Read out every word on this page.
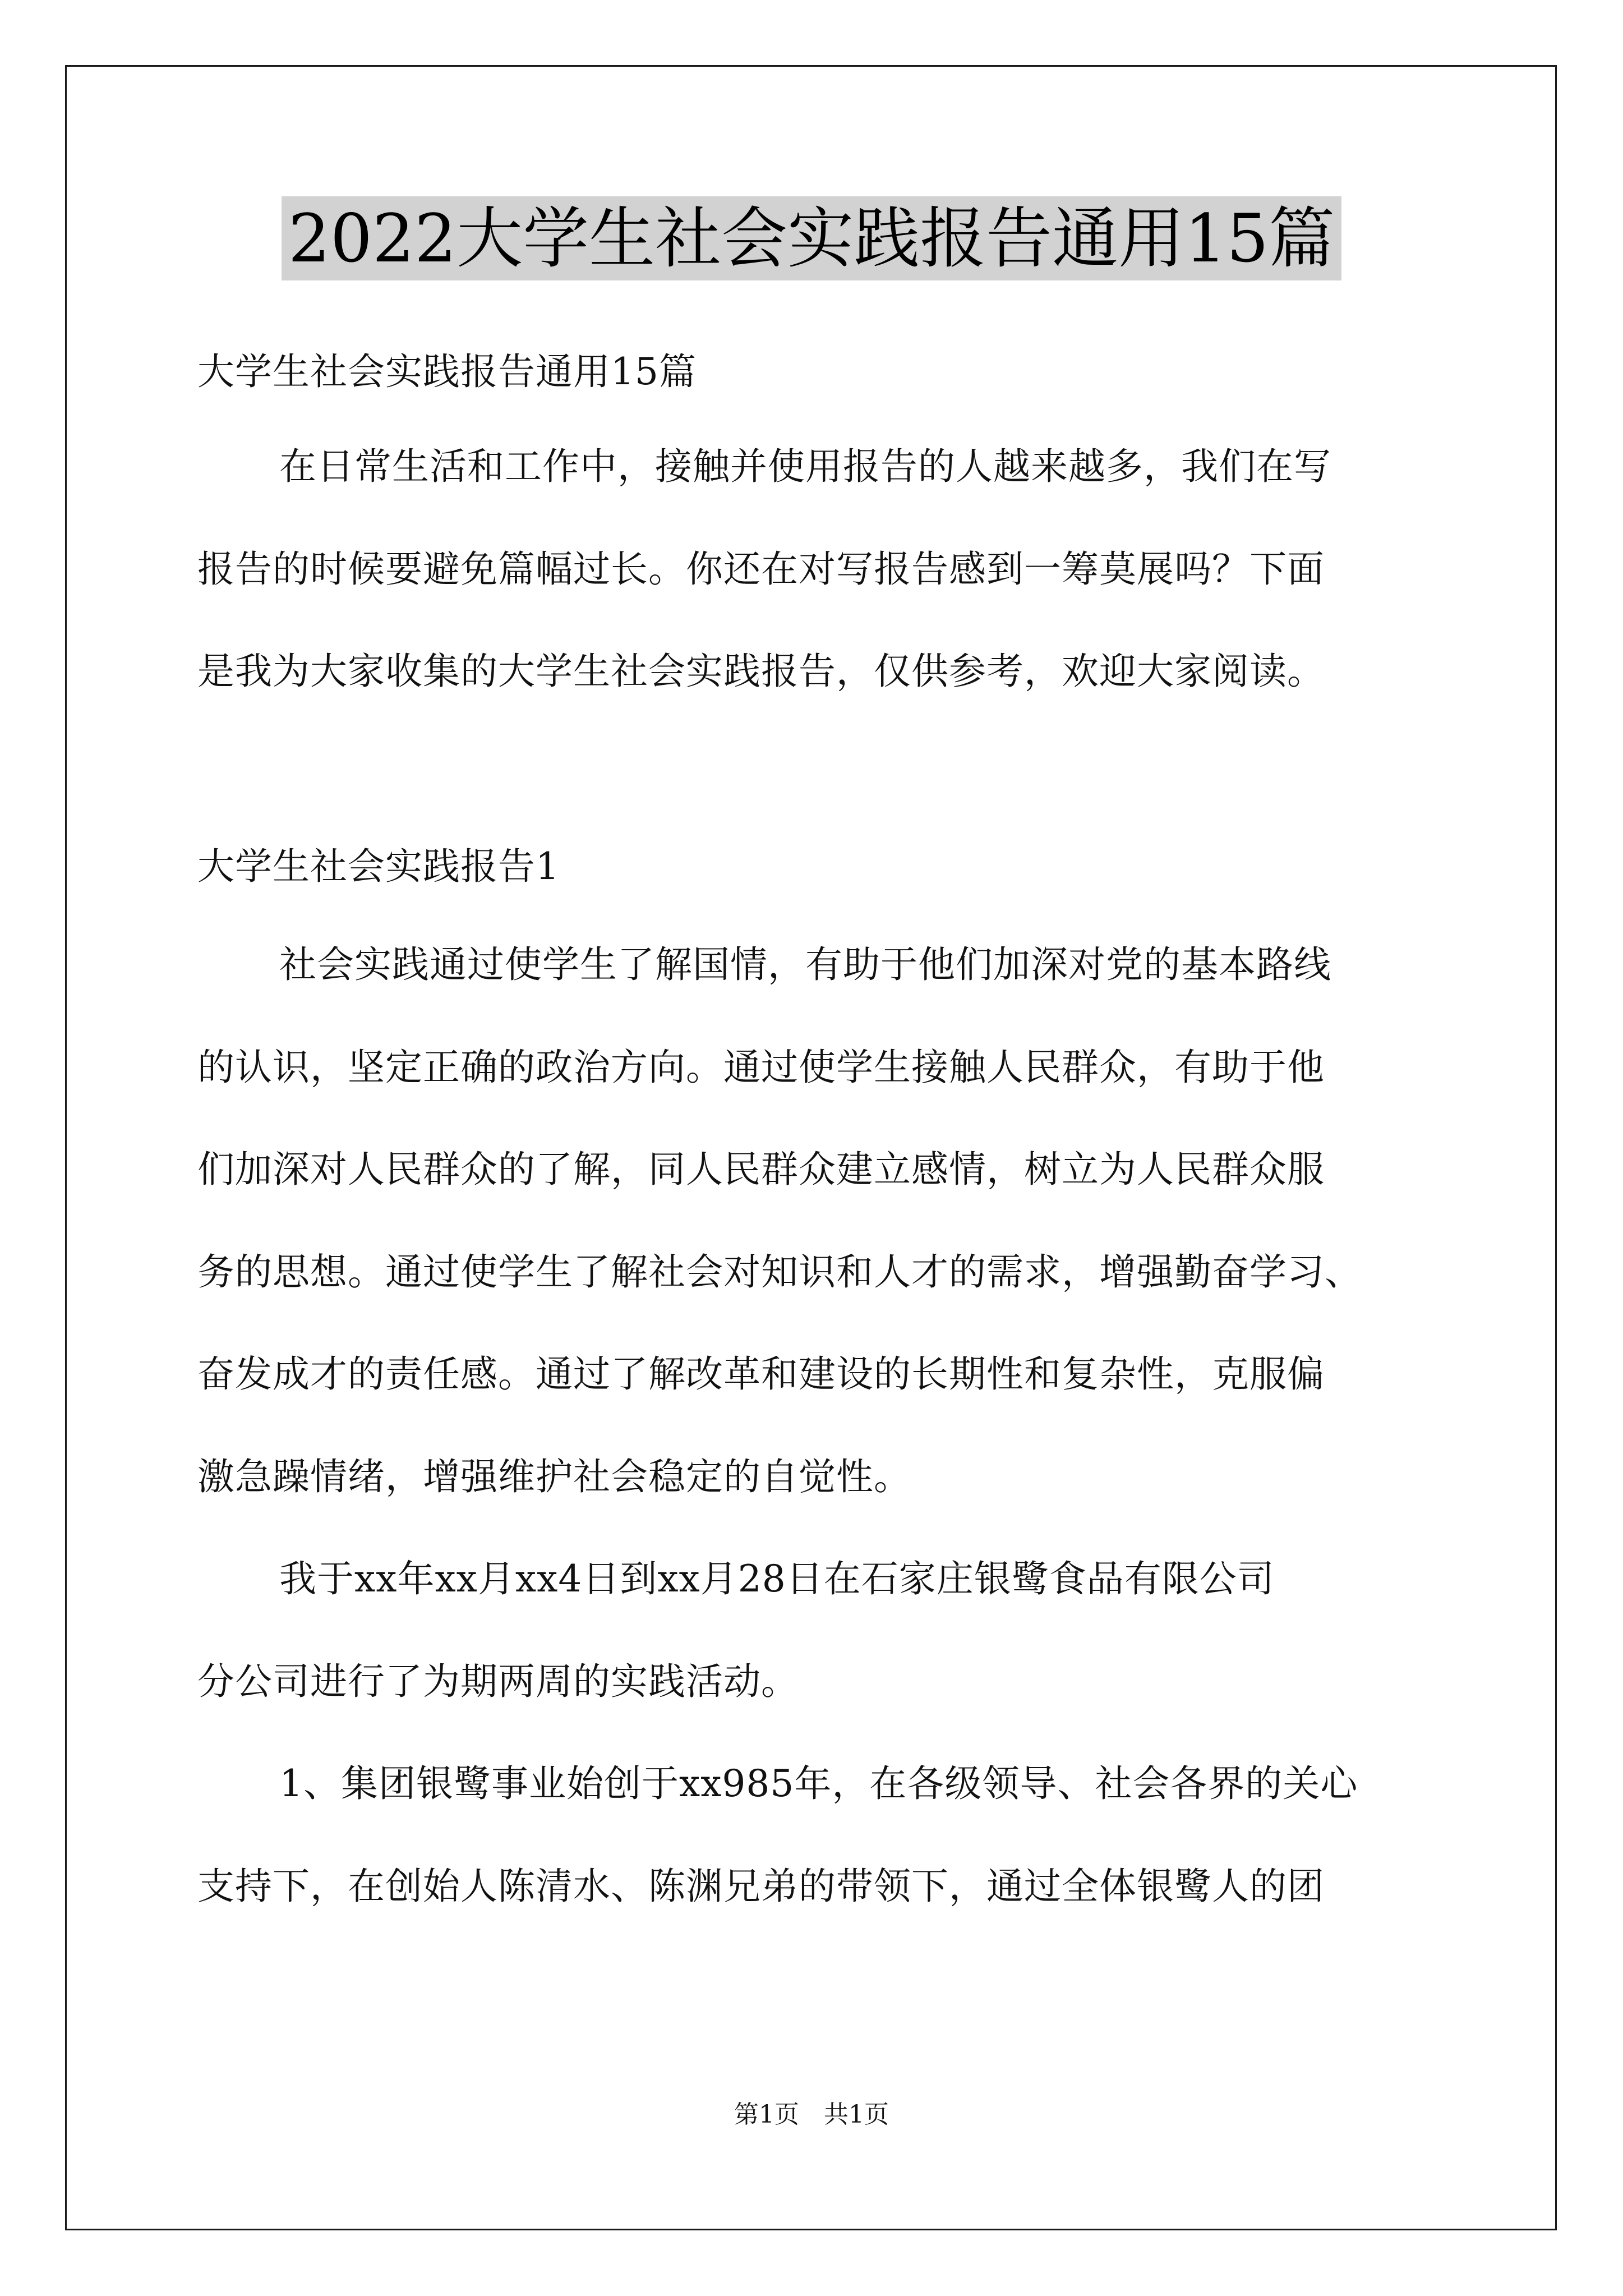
2022大学生社会实践报告通用15篇
大学生社会实践报告通用15篇
在日常生活和工作中，接触并使用报告的人越来越多，我们在写
报告的时候要避免篇幅过长。你还在对写报告感到一筹莫展吗？下面
是我为大家收集的大学生社会实践报告，仅供参考，欢迎大家阅读。
大学生社会实践报告1
社会实践通过使学生了解国情，有助于他们加深对党的基本路线
的认识，坚定正确的政治方向。通过使学生接触人民群众，有助于他
们加深对人民群众的了解，同人民群众建立感情，树立为人民群众服
务的思想。通过使学生了解社会对知识和人才的需求，增强勤奋学习、
奋发成才的责任感。通过了解改革和建设的长期性和复杂性，克服偏
激急躁情绪，增强维护社会稳定的自觉性。
我于xx年xx月xx4日到xx月28日在石家庄银鹭食品有限公司
分公司进行了为期两周的实践活动。
1、集团银鹭事业始创于xx985年，在各级领导、社会各界的关心
支持下，在创始人陈清水、陈渊兄弟的带领下，通过全体银鹭人的团
第1页　共1页
